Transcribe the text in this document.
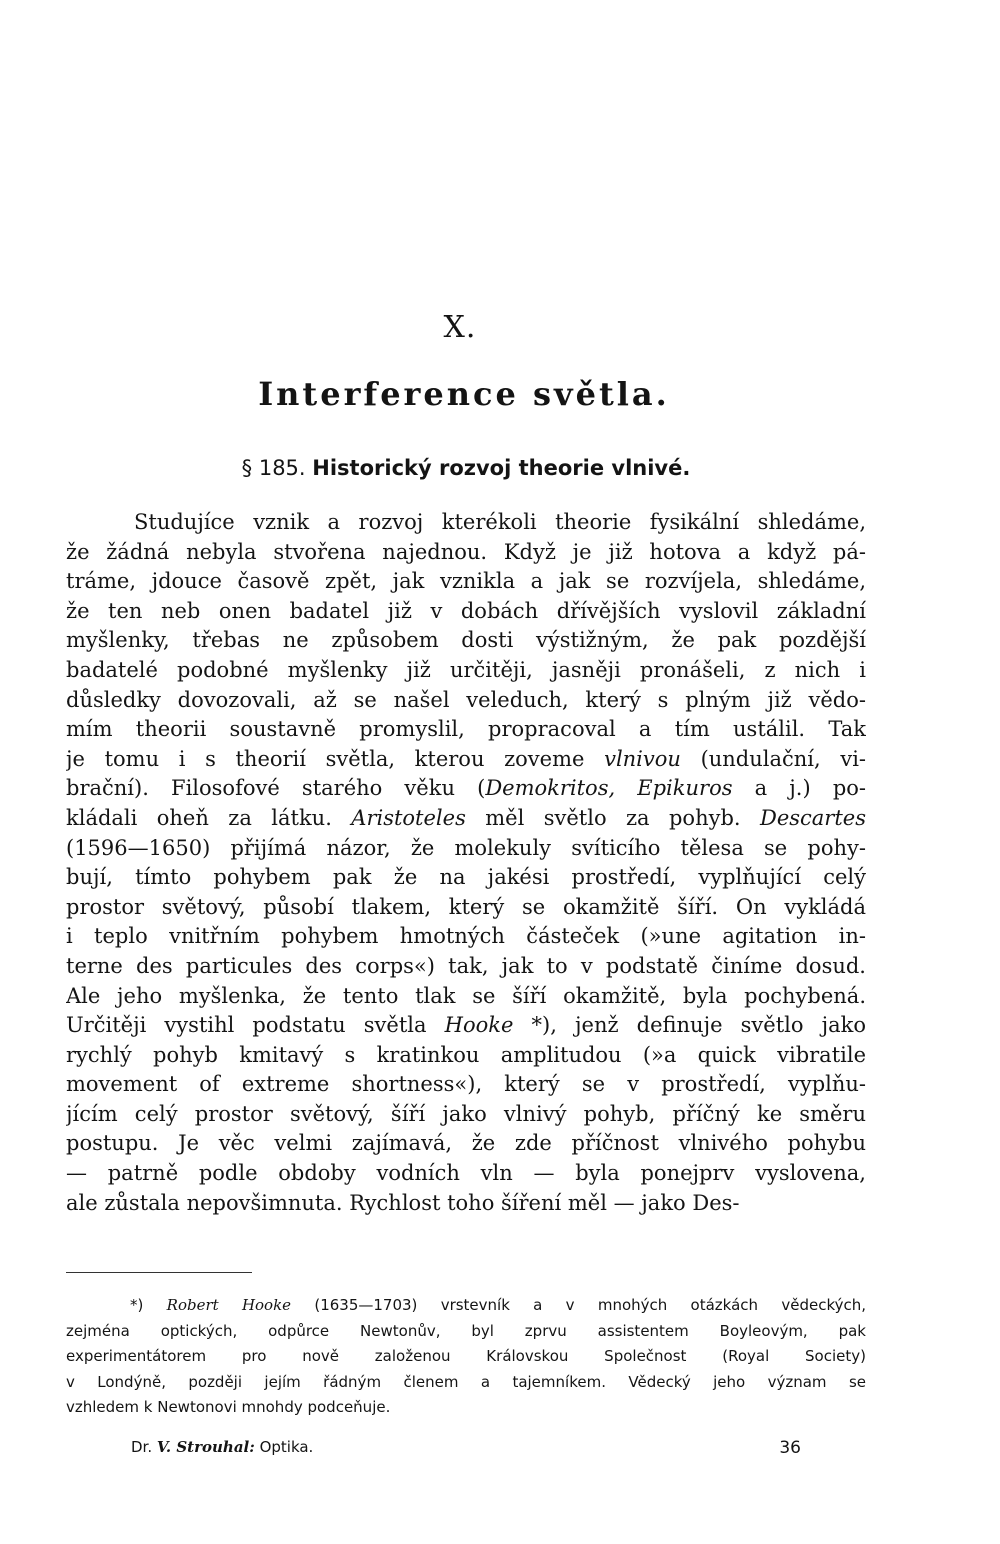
X.
Interference světla.
§ 185. Historický rozvoj theorie vlnivé.
Studujíce vznik a rozvoj kterékoli theorie fysikální shledáme,
že žádná nebyla stvořena najednou. Když je již hotova a když pá-
tráme, jdouce časově zpět, jak vznikla a jak se rozvíjela, shledáme,
že ten neb onen badatel již v dobách dřívějších vyslovil základní
myšlenky, třebas ne způsobem dosti výstižným, že pak pozdější
badatelé podobné myšlenky již určitěji, jasněji pronášeli, z nich i
důsledky dovozovali, až se našel veleduch, který s plným již vědo-
mím theorii soustavně promyslil, propracoval a tím ustálil. Tak
je tomu i s theorií světla, kterou zoveme vlnivou (undulační, vi-
brační). Filosofové starého věku (Demokritos, Epikuros a j.) po-
kládali oheň za látku. Aristoteles měl světlo za pohyb. Descartes
(1596—1650) přijímá názor, že molekuly svíticího tělesa se pohy-
bují, tímto pohybem pak že na jakési prostředí, vyplňující celý
prostor světový, působí tlakem, který se okamžitě šíří. On vykládá
i teplo vnitřním pohybem hmotných částeček (»une agitation in-
terne des particules des corps«) tak, jak to v podstatě činíme dosud.
Ale jeho myšlenka, že tento tlak se šíří okamžitě, byla pochybená.
Určitěji vystihl podstatu světla Hooke *), jenž definuje světlo jako
rychlý pohyb kmitavý s kratinkou amplitudou (»a quick vibratile
movement of extreme shortness«), který se v prostředí, vyplňu-
jícím celý prostor světový, šíří jako vlnivý pohyb, příčný ke směru
postupu. Je věc velmi zajímavá, že zde příčnost vlnivého pohybu
— patrně podle obdoby vodních vln — byla ponejprv vyslovena,
ale zůstala nepovšimnuta. Rychlost toho šíření měl — jako Des-
*) Robert Hooke (1635—1703) vrstevník a v mnohých otázkách vědeckých,
zejména optických, odpůrce Newtonův, byl zprvu assistentem Boyleovým, pak
experimentátorem pro nově založenou Královskou Společnost (Royal Society)
v Londýně, později jejím řádným členem a tajemníkem. Vědecký jeho význam se
vzhledem k Newtonovi mnohdy podceňuje.
Dr. V. Strouhal: Optika.	36
